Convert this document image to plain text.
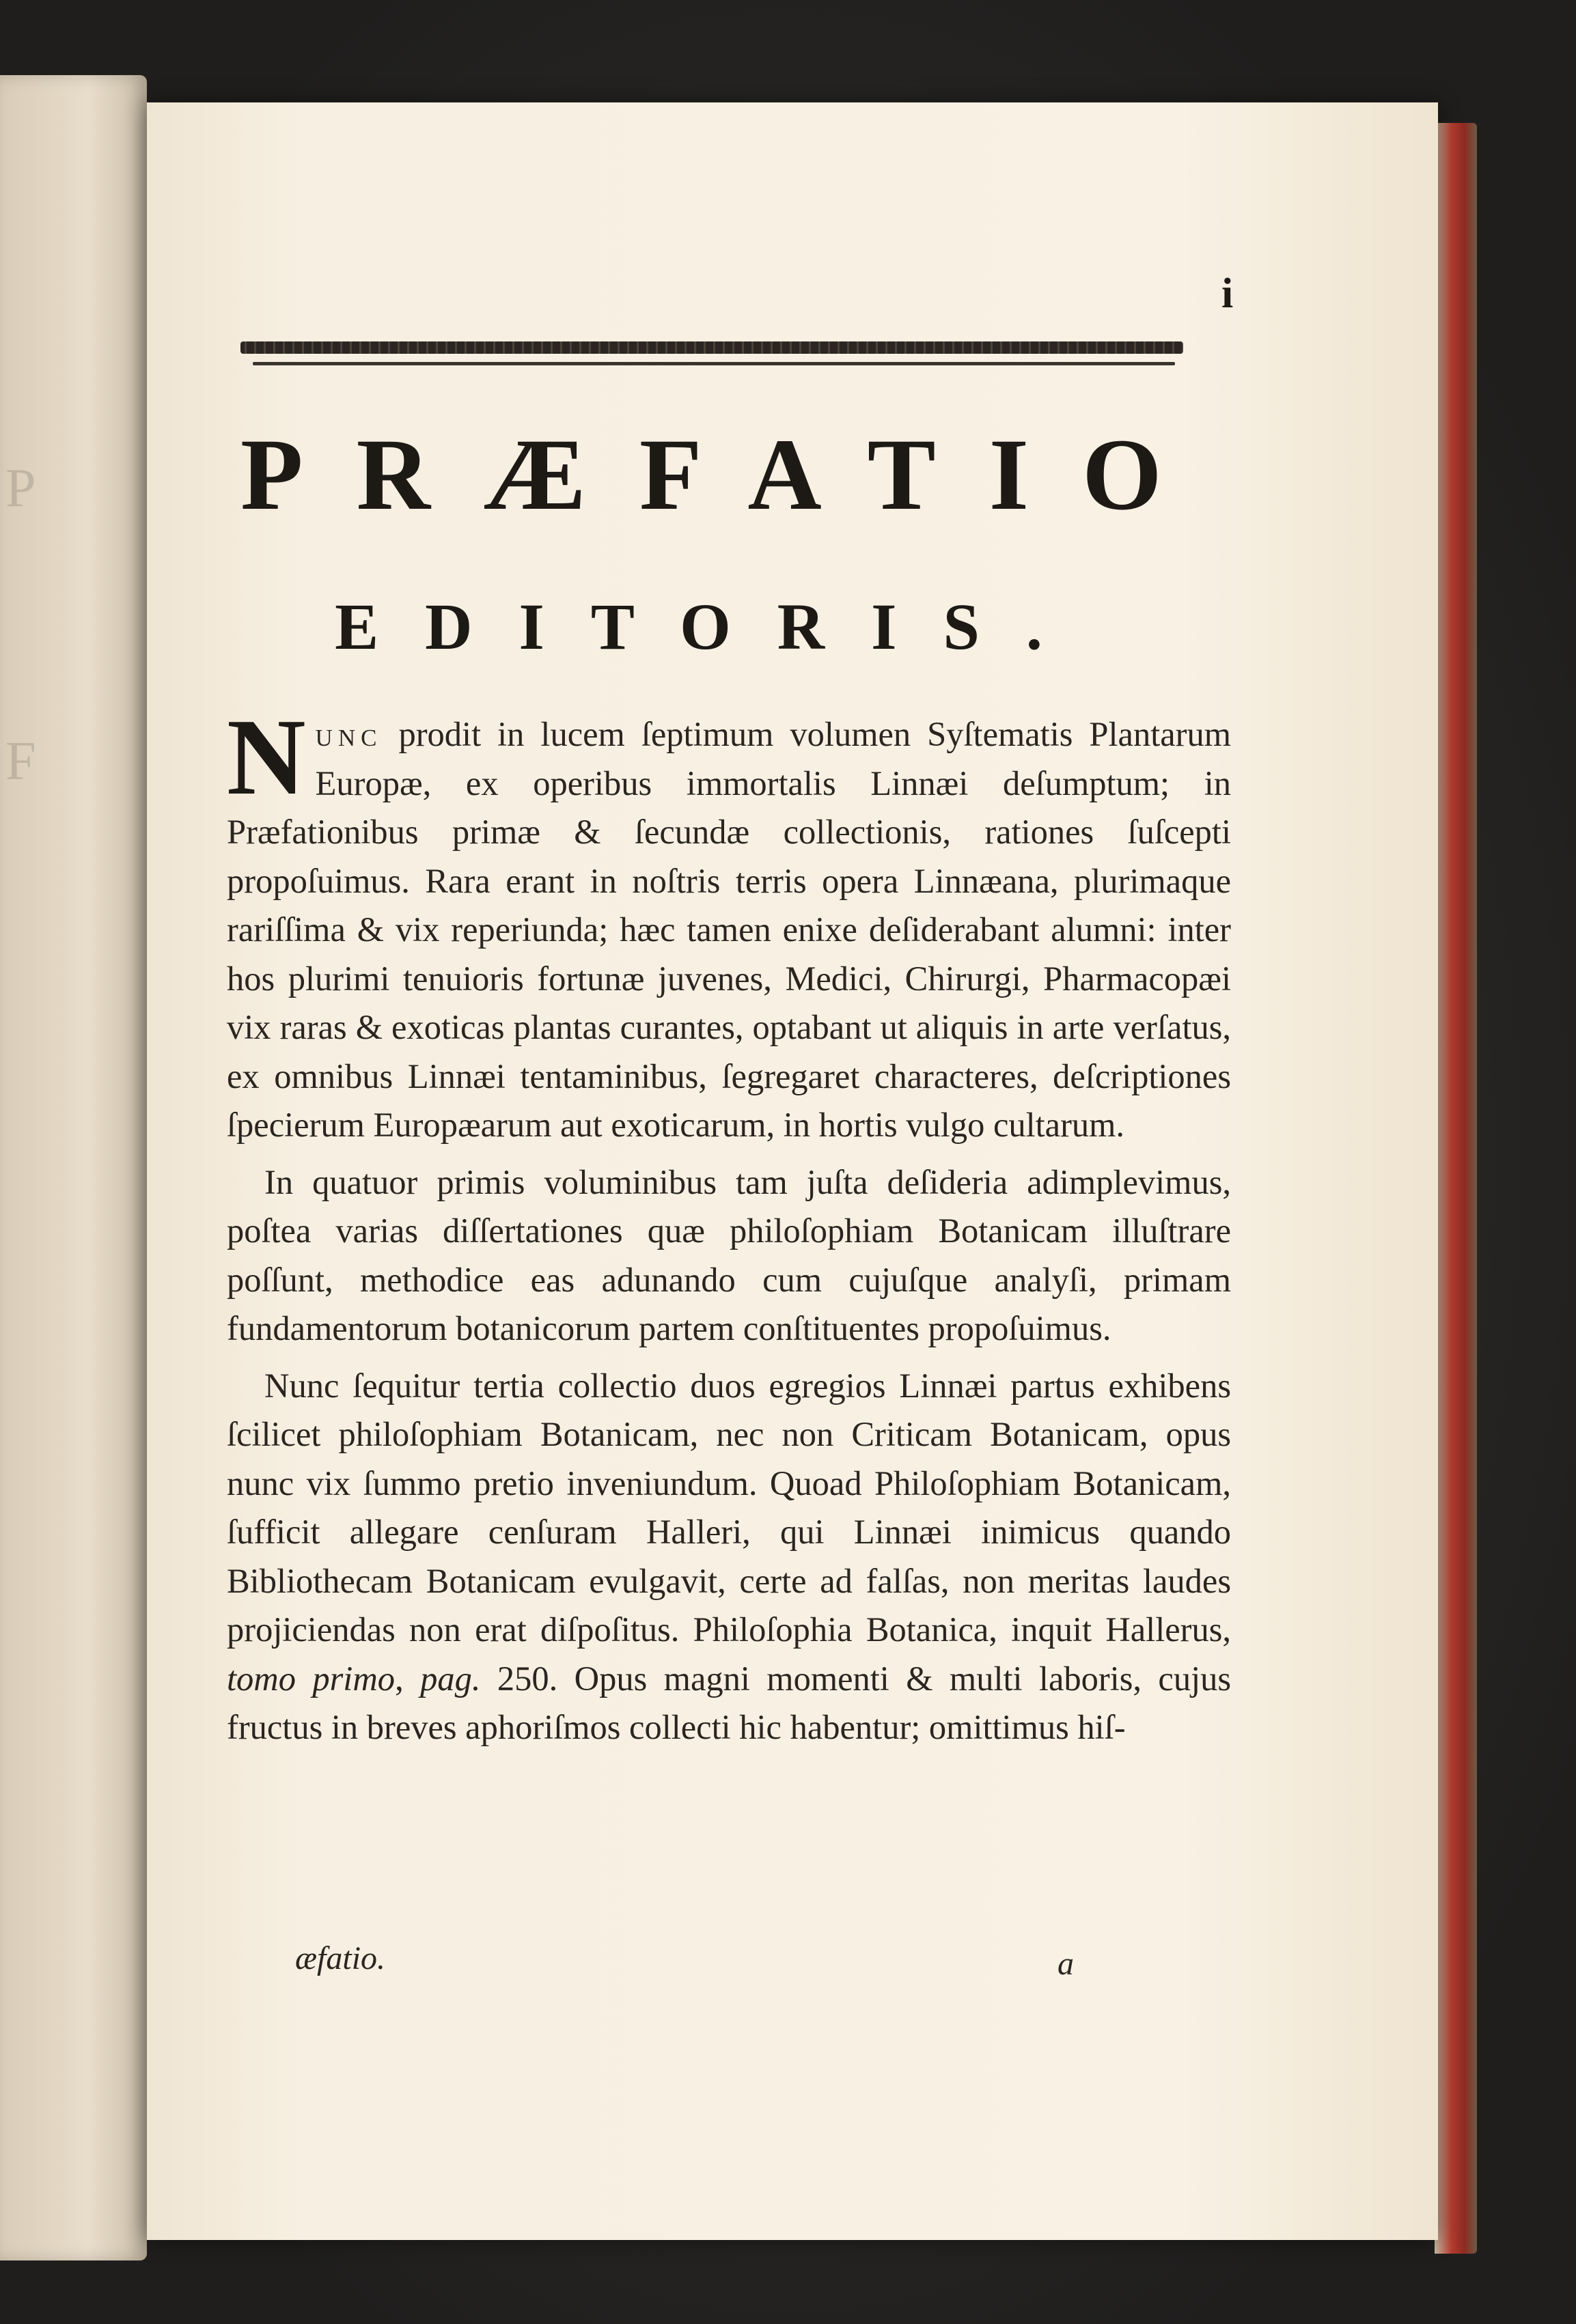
P
F
i
PRÆFATIO
EDITORIS.

Nunc prodit in lucem ſeptimum volumen Syſtematis Plantarum Europæ, ex operibus immortalis Linnæi deſumptum; in Præfationibus primæ & ſecundæ collectionis, rationes ſuſcepti propoſuimus. Rara erant in noſtris terris opera Linnæana, plurimaque rariſſima & vix reperiunda; hæc tamen enixe deſiderabant alumni: inter hos plurimi tenuioris fortunæ juvenes, Medici, Chirurgi, Pharmacopæi vix raras & exoticas plantas curantes, optabant ut aliquis in arte verſatus, ex omnibus Linnæi tentaminibus, ſegregaret characteres, deſcriptiones ſpecierum Europæarum aut exoticarum, in hortis vulgo cultarum.

In quatuor primis voluminibus tam juſta deſideria adimplevimus, poſtea varias diſſertationes quæ philoſophiam Botanicam illuſtrare poſſunt, methodice eas adunando cum cujuſque analyſi, primam fundamentorum botanicorum partem conſtituentes propoſuimus.

Nunc ſequitur tertia collectio duos egregios Linnæi partus exhibens ſcilicet philoſophiam Botanicam, nec non Criticam Botanicam, opus nunc vix ſummo pretio inveniundum. Quoad Philoſophiam Botanicam, ſufficit allegare cenſuram Halleri, qui Linnæi inimicus quando Bibliothecam Botanicam evulgavit, certe ad falſas, non meritas laudes projiciendas non erat diſpoſitus. Philoſophia Botanica, inquit Hallerus, tomo primo, pag. 250. Opus magni momenti & multi laboris, cujus fructus in breves aphoriſmos collecti hic habentur; omittimus hiſ-

æfatio.	a
